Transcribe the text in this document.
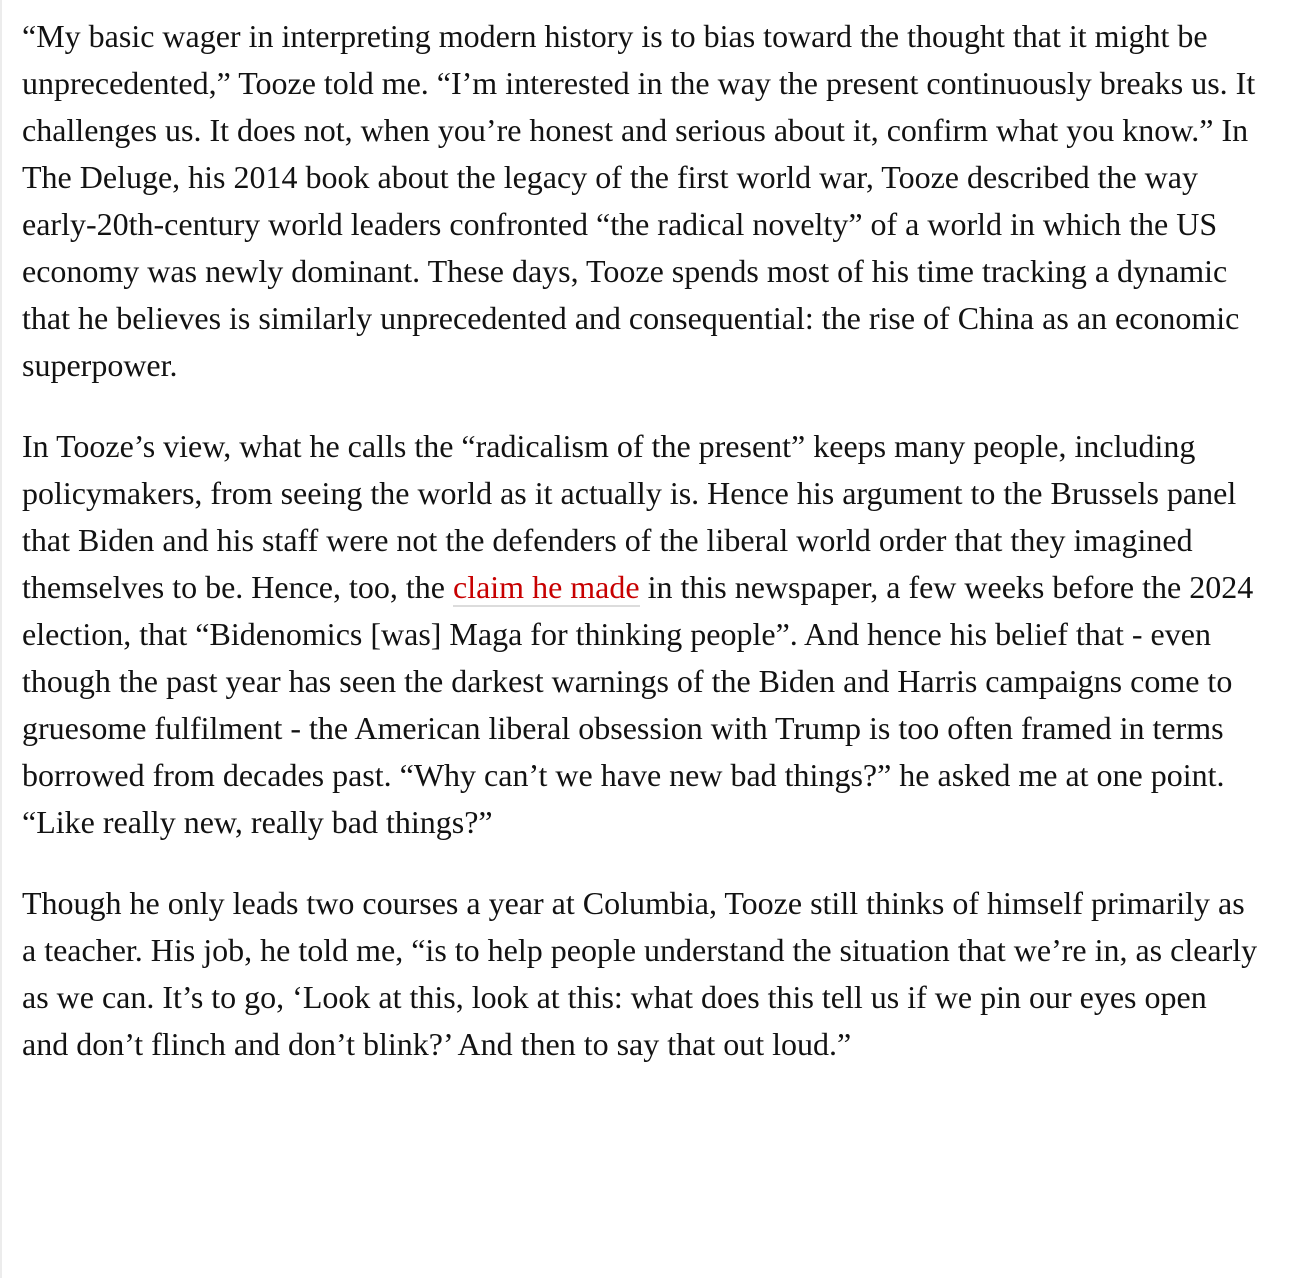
“My basic wager in interpreting modern history is to bias toward the thought that it might be unprecedented,” Tooze told me. “I’m interested in the way the present continuously breaks us. It challenges us. It does not, when you’re honest and serious about it, confirm what you know.” In The Deluge, his 2014 book about the legacy of the first world war, Tooze described the way early-20th-century world leaders confronted “the radical novelty” of a world in which the US economy was newly dominant. These days, Tooze spends most of his time tracking a dynamic that he believes is similarly unprecedented and consequential: the rise of China as an economic superpower.

In Tooze’s view, what he calls the “radicalism of the present” keeps many people, including policymakers, from seeing the world as it actually is. Hence his argument to the Brussels panel that Biden and his staff were not the defenders of the liberal world order that they imagined themselves to be. Hence, too, the claim he made in this newspaper, a few weeks before the 2024 election, that “Bidenomics [was] Maga for thinking people”. And hence his belief that - even though the past year has seen the darkest warnings of the Biden and Harris campaigns come to gruesome fulfilment - the American liberal obsession with Trump is too often framed in terms borrowed from decades past. “Why can’t we have new bad things?” he asked me at one point. “Like really new, really bad things?”

Though he only leads two courses a year at Columbia, Tooze still thinks of himself primarily as a teacher. His job, he told me, “is to help people understand the situation that we’re in, as clearly as we can. It’s to go, ‘Look at this, look at this: what does this tell us if we pin our eyes open and don’t flinch and don’t blink?’ And then to say that out loud.”
